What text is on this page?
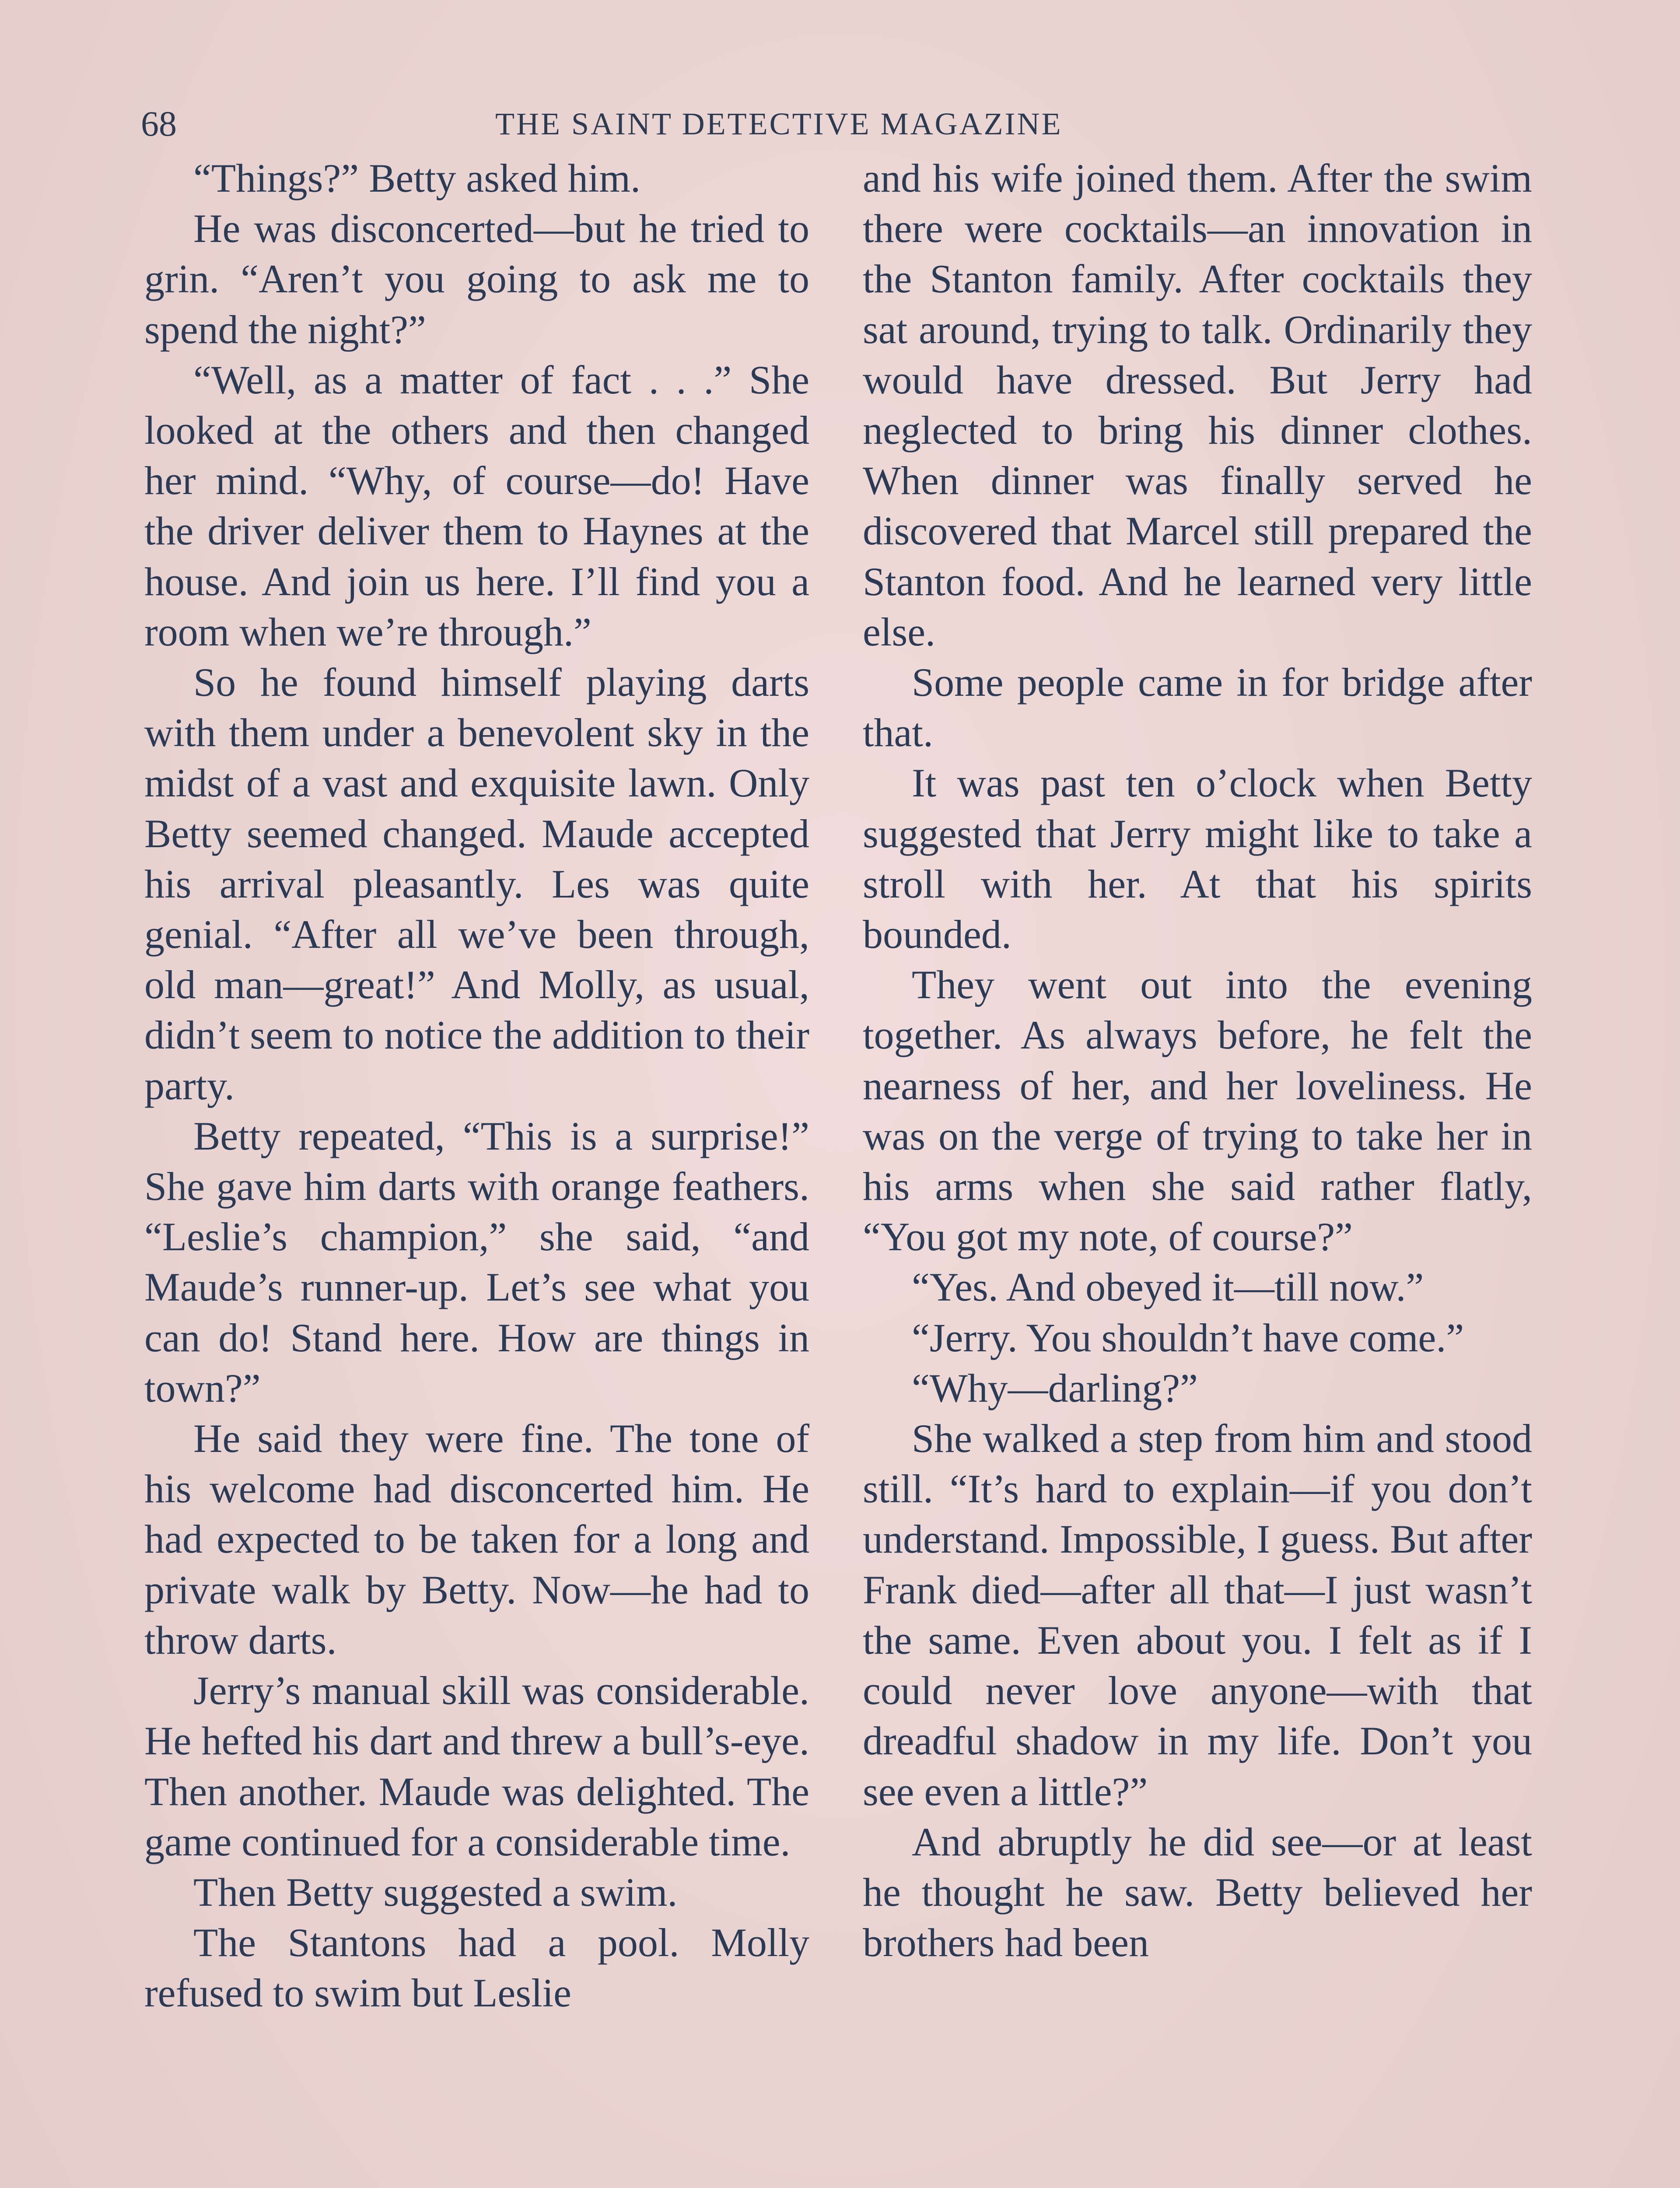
68	THE SAINT DETECTIVE MAGAZINE

“Things?” Betty asked him.

He was disconcerted—but he tried to grin. “Aren’t you going to ask me to spend the night?”

“Well, as a matter of fact . . .” She looked at the others and then changed her mind. “Why, of course—do! Have the driver deliver them to Haynes at the house. And join us here. I’ll find you a room when we’re through.”

So he found himself playing darts with them under a benevolent sky in the midst of a vast and exquisite lawn. Only Betty seemed changed. Maude accepted his arrival pleasantly. Les was quite genial. “After all we’ve been through, old man—great!” And Molly, as usual, didn’t seem to notice the addition to their party.

Betty repeated, “This is a surprise!” She gave him darts with orange feathers. “Leslie’s champion,” she said, “and Maude’s runner-up. Let’s see what you can do! Stand here. How are things in town?”

He said they were fine. The tone of his welcome had disconcerted him. He had expected to be taken for a long and private walk by Betty. Now—he had to throw darts.

Jerry’s manual skill was considerable. He hefted his dart and threw a bull’s-eye. Then another. Maude was delighted. The game continued for a considerable time.

Then Betty suggested a swim.

The Stantons had a pool. Molly refused to swim but Leslie

and his wife joined them. After the swim there were cocktails—an innovation in the Stanton family. After cocktails they sat around, trying to talk. Ordinarily they would have dressed. But Jerry had neglected to bring his dinner clothes. When dinner was finally served he discovered that Marcel still prepared the Stanton food. And he learned very little else.

Some people came in for bridge after that.

It was past ten o’clock when Betty suggested that Jerry might like to take a stroll with her. At that his spirits bounded.

They went out into the evening together. As always before, he felt the nearness of her, and her loveliness. He was on the verge of trying to take her in his arms when she said rather flatly, “You got my note, of course?”

“Yes. And obeyed it—till now.”

“Jerry. You shouldn’t have come.”

“Why—darling?”

She walked a step from him and stood still. “It’s hard to explain—if you don’t understand. Impossible, I guess. But after Frank died—after all that—I just wasn’t the same. Even about you. I felt as if I could never love anyone—with that dreadful shadow in my life. Don’t you see even a little?”

And abruptly he did see—or at least he thought he saw. Betty believed her brothers had been
